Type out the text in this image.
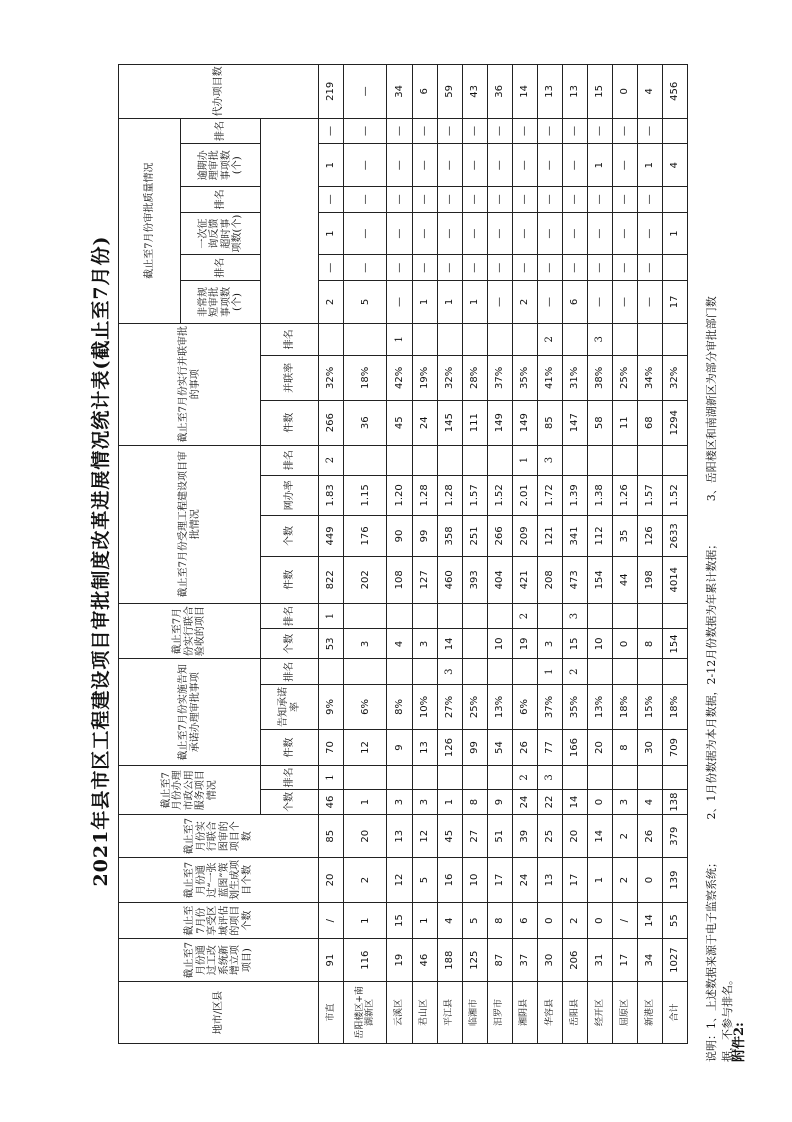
附件2:
2021年县市区工程建设项目审批制度改革进展情况统计表(截止至7月份)
地市/区县	截止至7月份通过工改系统新增立项项目)	截止至7月份享受区域评估的项目个数	截止至7月份通过“一张蓝图”策划生成项目个数	截止至7月份实行联合图审的项目个数	截止至7月份办理市政公用服务项目情况		截止至7月份实施告知承诺办理审批事项			截止至7月份实行联合验收的项目		截止至7月份受理工程建设项目审批情况				截止至7月份实行并联审批的事项			截止至7月份审批质量情况						代办项目数
																			非常规短审批事项数(个)	排名	一次征询反馈超时事项数(个)	排名	逾期办理审批事项数(个)	排名	
					个数	排名	件数	告知承诺率	排名	个数	排名	件数	个数	网办率	排名	件数	并联率	排名							
市直	91	/	20	85	46	1	70	9%		53	1	822	449	1.83	2	266	32%		2	—	1	—	1	—	219
岳阳楼区+南湖新区	116	1	2	20	1		12	6%		3		202	176	1.15		36	18%		5	—	—	—	—	—	—
云溪区	19	15	12	13	3		9	8%		4		108	90	1.20		45	42%	1	—	—	—	—	—	—	34
君山区	46	1	5	12	3		13	10%		3		127	99	1.28		24	19%		1	—	—	—	—	—	6
平江县	188	4	16	45	1		126	27%	3	14		460	358	1.28		145	32%		1	—	—	—	—	—	59
临湘市	125	5	10	27	8		99	25%				393	251	1.57		111	28%		1	—	—	—	—	—	43
汨罗市	87	8	17	51	9		54	13%		10		404	266	1.52		149	37%		—	—	—	—	—	—	36
湘阴县	37	6	24	39	24	2	26	6%		19	2	421	209	2.01	1	149	35%		2	—	—	—	—	—	14
华容县	30	0	13	25	22	3	77	37%	1	3		208	121	1.72	3	85	41%	2	—	—	—	—	—	—	13
岳阳县	206	2	17	20	14		166	35%	2	15	3	473	341	1.39		147	31%		6	—	—	—	—	—	13
经开区	31	0	1	14	0		20	13%		10		154	112	1.38		58	38%	3	—	—	—	—	1	—	15
屈原区	17	/	2	2	3		8	18%		0		44	35	1.26		11	25%		—	—	—	—	—	—	0
新港区	34	14	0	26	4		30	15%		8		198	126	1.57		68	34%		—	—	—	—	1	—	4
合计	1027	55	139	379	138		709	18%		154		4014	2633	1.52		1294	32%		17		1		4		456
说明：1、上述数据来源于电子监察系统； 2、1月份数据为本月数据，2-12月份数据为年累计数据； 3、岳阳楼区和南湖新区为部分审批部门数
据，不参与排名。
